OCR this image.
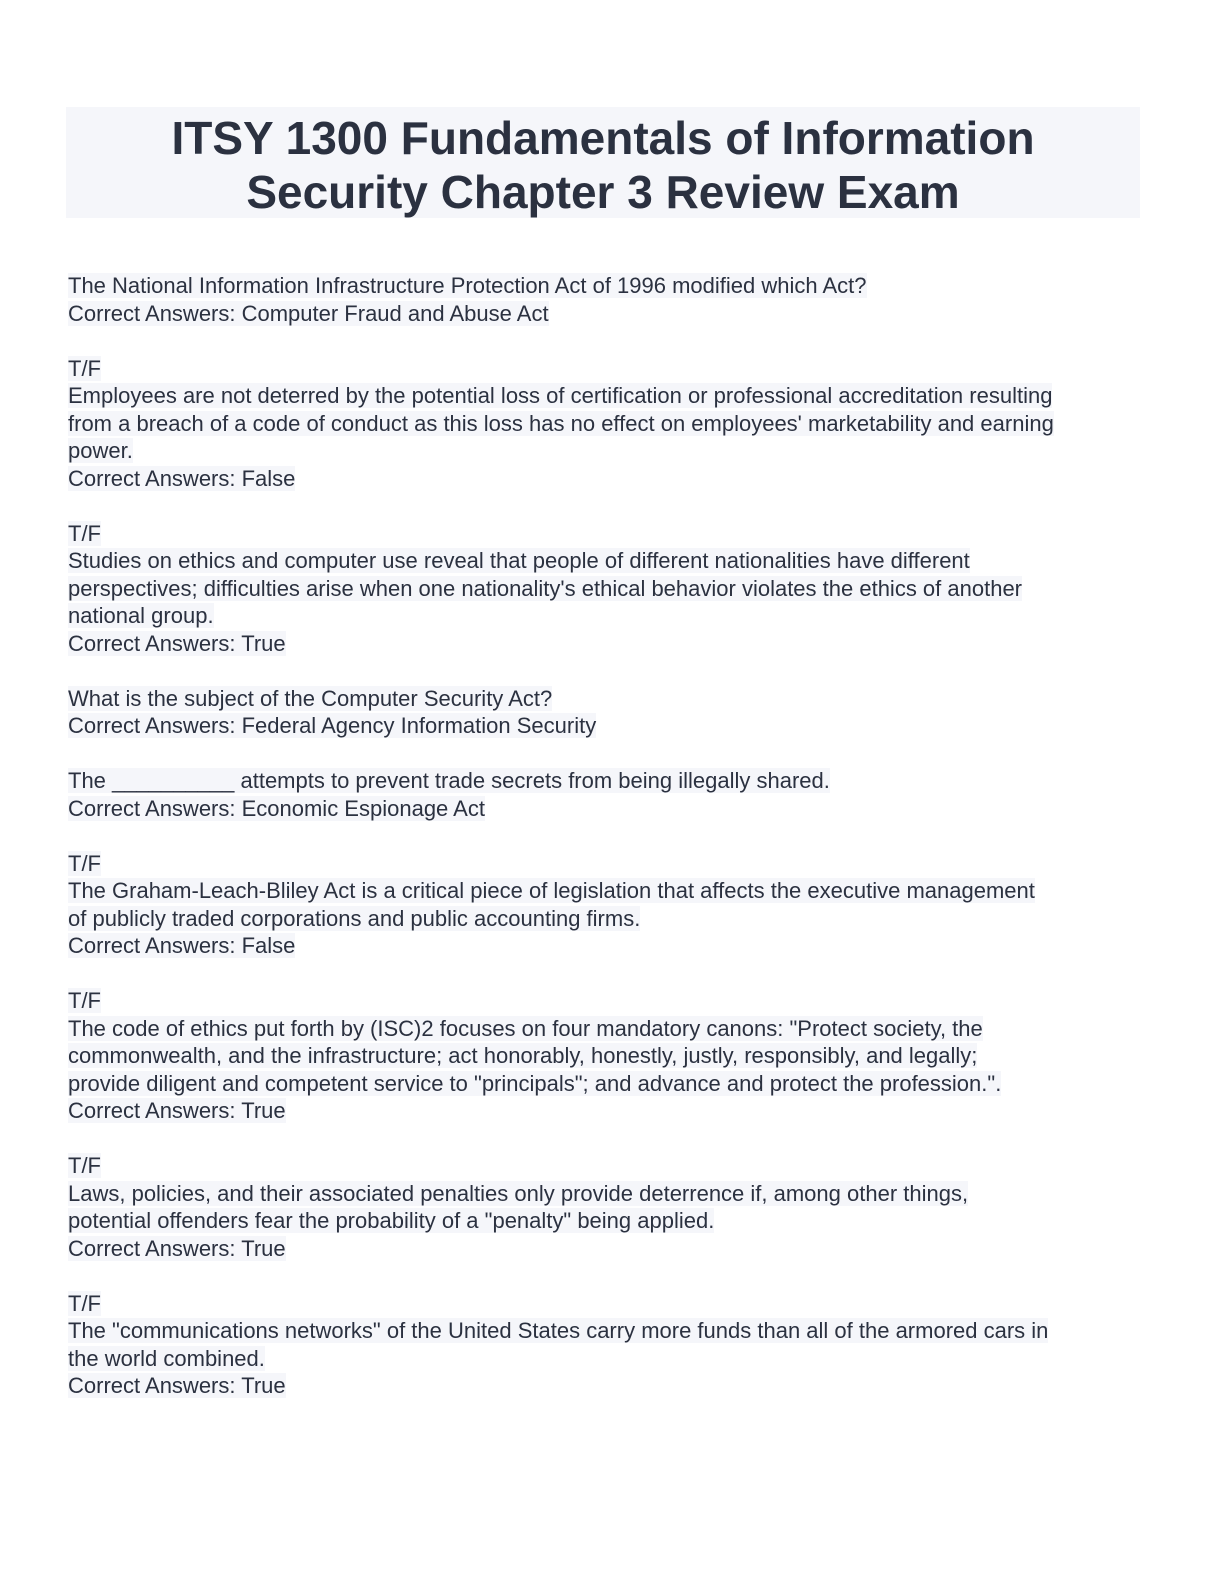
ITSY 1300 Fundamentals of Information
Security Chapter 3 Review Exam
The National Information Infrastructure Protection Act of 1996 modified which Act?
Correct Answers: Computer Fraud and Abuse Act
T/F
Employees are not deterred by the potential loss of certification or professional accreditation resulting
from a breach of a code of conduct as this loss has no effect on employees' marketability and earning
power.
Correct Answers: False
T/F
Studies on ethics and computer use reveal that people of different nationalities have different
perspectives; difficulties arise when one nationality's ethical behavior violates the ethics of another
national group.
Correct Answers: True
What is the subject of the Computer Security Act?
Correct Answers: Federal Agency Information Security
The __________ attempts to prevent trade secrets from being illegally shared.
Correct Answers: Economic Espionage Act
T/F
The Graham-Leach-Bliley Act is a critical piece of legislation that affects the executive management
of publicly traded corporations and public accounting firms.
Correct Answers: False
T/F
The code of ethics put forth by (ISC)2 focuses on four mandatory canons: "Protect society, the
commonwealth, and the infrastructure; act honorably, honestly, justly, responsibly, and legally;
provide diligent and competent service to "principals"; and advance and protect the profession.".
Correct Answers: True
T/F
Laws, policies, and their associated penalties only provide deterrence if, among other things,
potential offenders fear the probability of a "penalty" being applied.
Correct Answers: True
T/F
The "communications networks" of the United States carry more funds than all of the armored cars in
the world combined.
Correct Answers: True
